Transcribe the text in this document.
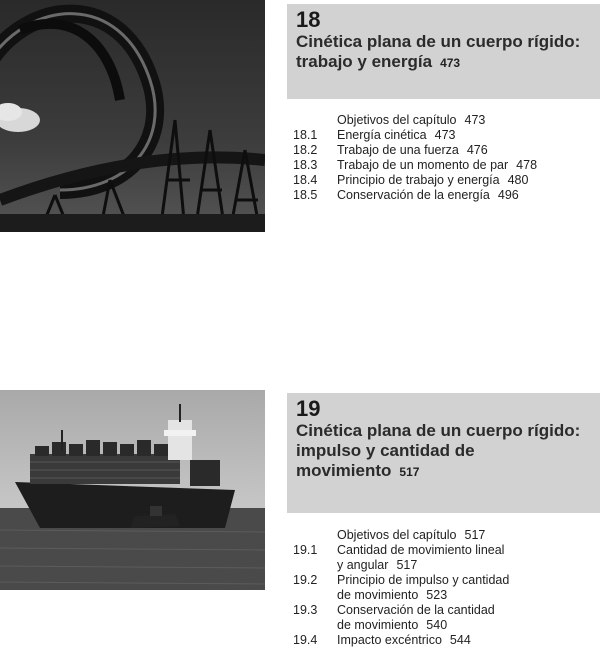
18
Cinética plana de un cuerpo rígido: trabajo y energía 473
Objetivos del capítulo 473
18.1	Energía cinética 473
18.2	Trabajo de una fuerza 476
18.3	Trabajo de un momento de par 478
18.4	Principio de trabajo y energía 480
18.5	Conservación de la energía 496
19
Cinética plana de un cuerpo rígido: impulso y cantidad de movimiento 517
Objetivos del capítulo 517
19.1	Cantidad de movimiento lineal
y angular 517
19.2	Principio de impulso y cantidad
de movimiento 523
19.3	Conservación de la cantidad
de movimiento 540
19.4	Impacto excéntrico 544
